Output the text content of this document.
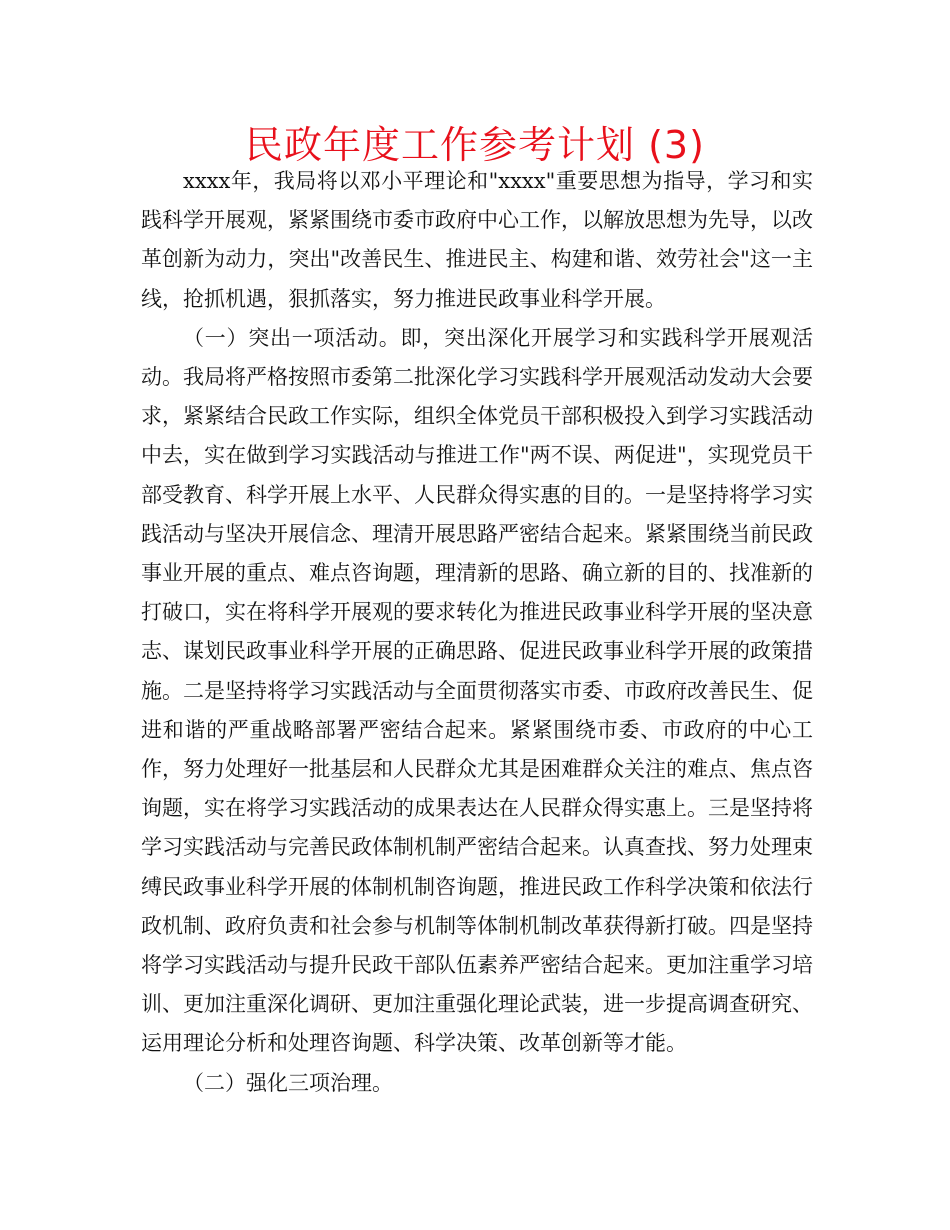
民政年度工作参考计划 (3)

xxxx年，我局将以邓小平理论和"xxxx"重要思想为指导，学习和实践科学开展观，紧紧围绕市委市政府中心工作，以解放思想为先导，以改革创新为动力，突出"改善民生、推进民主、构建和谐、效劳社会"这一主线，抢抓机遇，狠抓落实，努力推进民政事业科学开展。

（一）突出一项活动。即，突出深化开展学习和实践科学开展观活动。我局将严格按照市委第二批深化学习实践科学开展观活动发动大会要求，紧紧结合民政工作实际，组织全体党员干部积极投入到学习实践活动中去，实在做到学习实践活动与推进工作"两不误、两促进"，实现党员干部受教育、科学开展上水平、人民群众得实惠的目的。一是坚持将学习实践活动与坚决开展信念、理清开展思路严密结合起来。紧紧围绕当前民政事业开展的重点、难点咨询题，理清新的思路、确立新的目的、找准新的打破口，实在将科学开展观的要求转化为推进民政事业科学开展的坚决意志、谋划民政事业科学开展的正确思路、促进民政事业科学开展的政策措施。二是坚持将学习实践活动与全面贯彻落实市委、市政府改善民生、促进和谐的严重战略部署严密结合起来。紧紧围绕市委、市政府的中心工作，努力处理好一批基层和人民群众尤其是困难群众关注的难点、焦点咨询题，实在将学习实践活动的成果表达在人民群众得实惠上。三是坚持将学习实践活动与完善民政体制机制严密结合起来。认真查找、努力处理束缚民政事业科学开展的体制机制咨询题，推进民政工作科学决策和依法行政机制、政府负责和社会参与机制等体制机制改革获得新打破。四是坚持将学习实践活动与提升民政干部队伍素养严密结合起来。更加注重学习培训、更加注重深化调研、更加注重强化理论武装，进一步提高调查研究、运用理论分析和处理咨询题、科学决策、改革创新等才能。

（二）强化三项治理。
